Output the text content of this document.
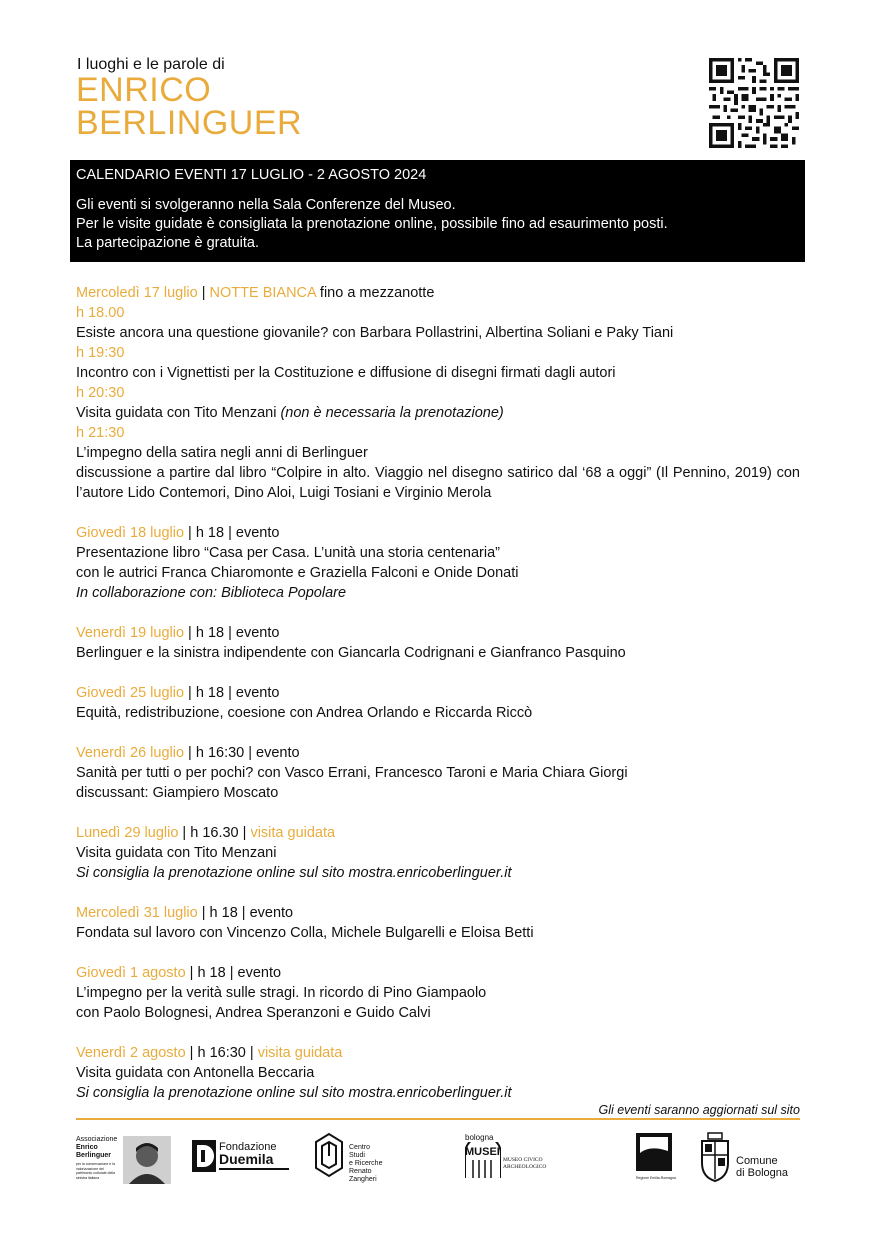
I luoghi e le parole di
ENRICO
BERLINGUER
CALENDARIO EVENTI 17 LUGLIO - 2 AGOSTO 2024
Gli eventi si svolgeranno nella Sala Conferenze del Museo.
Per le visite guidate è consigliata la prenotazione online, possibile fino ad esaurimento posti.
La partecipazione è gratuita.
Mercoledì 17 luglio | NOTTE BIANCA fino a mezzanotte
h 18.00
Esiste ancora una questione giovanile? con Barbara Pollastrini, Albertina Soliani e Paky Tiani
h 19:30
Incontro con i Vignettisti per la Costituzione e diffusione di disegni firmati dagli autori
h 20:30
Visita guidata con Tito Menzani (non è necessaria la prenotazione)
h 21:30
L’impegno della satira negli anni di Berlinguer
discussione a partire dal libro “Colpire in alto. Viaggio nel disegno satirico dal ‘68 a oggi” (Il Pennino, 2019) con l’autore Lido Contemori, Dino Aloi, Luigi Tosiani e Virginio Merola
Giovedì 18 luglio | h 18 | evento
Presentazione libro “Casa per Casa. L’unità una storia centenaria”
con le autrici Franca Chiaromonte e Graziella Falconi e Onide Donati
In collaborazione con: Biblioteca Popolare
Venerdì 19 luglio | h 18 | evento
Berlinguer e la sinistra indipendente con Giancarla Codrignani e Gianfranco Pasquino
Giovedì 25 luglio | h 18 | evento
Equità, redistribuzione, coesione con Andrea Orlando e Riccarda Riccò
Venerdì 26 luglio | h 16:30 | evento
Sanità per tutti o per pochi? con Vasco Errani, Francesco Taroni e Maria Chiara Giorgi
discussant: Giampiero Moscato
Lunedì 29 luglio | h 16.30 | visita guidata
Visita guidata con Tito Menzani
Si consiglia la prenotazione online sul sito mostra.enricoberlinguer.it
Mercoledì 31 luglio | h 18 | evento
Fondata sul lavoro con Vincenzo Colla, Michele Bulgarelli e Eloisa Betti
Giovedì 1 agosto | h 18 | evento
L’impegno per la verità sulle stragi. In ricordo di Pino Giampaolo
con Paolo Bolognesi, Andrea Speranzoni e Guido Calvi
Venerdì 2 agosto | h 16:30 | visita guidata
Visita guidata con Antonella Beccaria
Si consiglia la prenotazione online sul sito mostra.enricoberlinguer.it
Gli eventi saranno aggiornati sul sito
Associazione
Enrico
Berlinguer
per la conservazione e la valorizzazione del patrimonio culturale della sinistra italiana
Fondazione
Duemila
Centro
Studi
e Ricerche
Renato
Zangheri
bologna
MUSEI
MUSEO CIVICO ARCHEOLOGICO
Regione Emilia-Romagna
Comune
di Bologna
